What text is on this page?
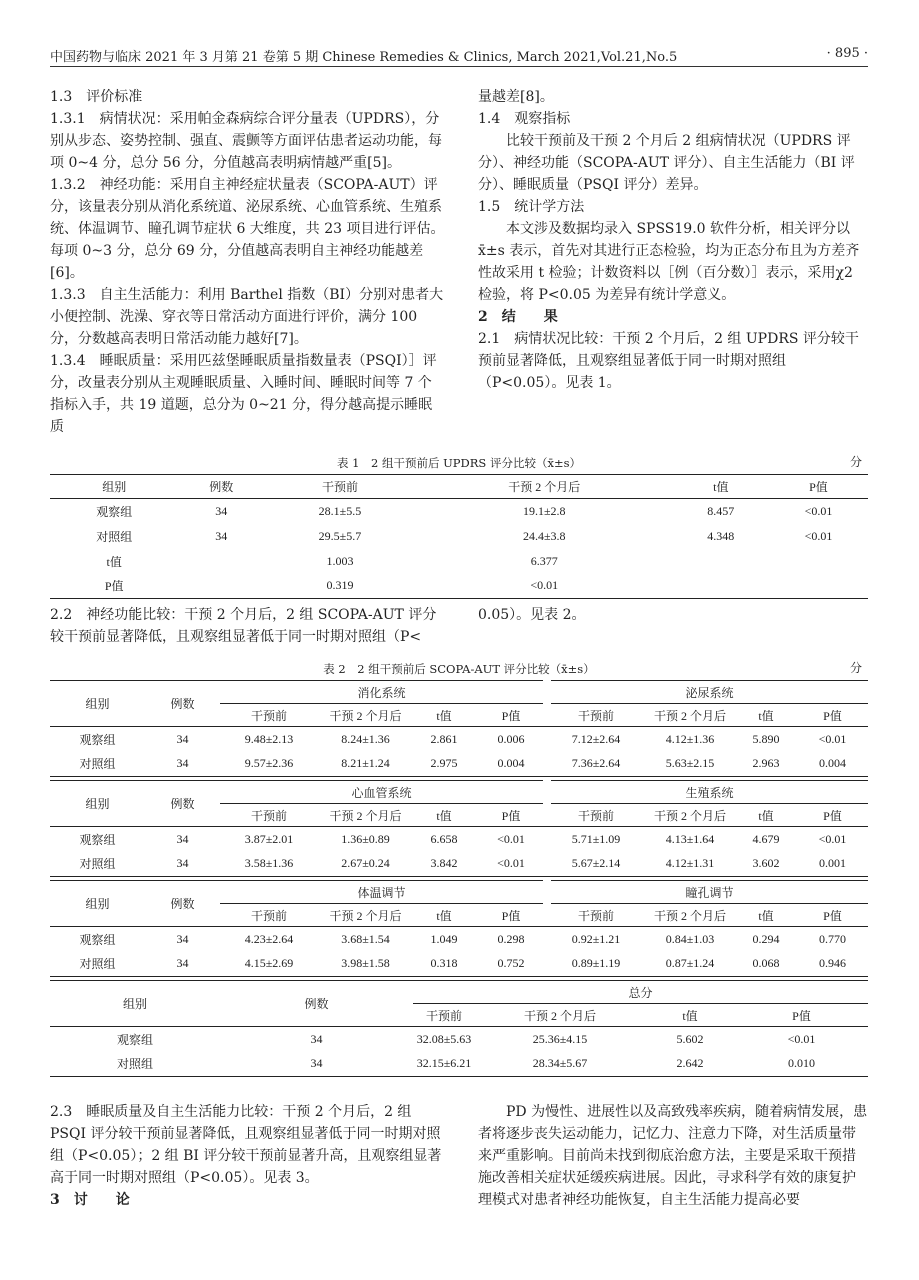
中国药物与临床 2021 年 3 月第 21 卷第 5 期 Chinese Remedies & Clinics, March 2021,Vol.21,No.5	· 895 ·

1.3　评价标准

1.3.1　病情状况：采用帕金森病综合评分量表（UPDRS），分别从步态、姿势控制、强直、震颤等方面评估患者运动功能，每项 0~4 分，总分 56 分，分值越高表明病情越严重[5]。

1.3.2　神经功能：采用自主神经症状量表（SCOPA-AUT）评分，该量表分别从消化系统道、泌尿系统、心血管系统、生殖系统、体温调节、瞳孔调节症状 6 大维度，共 23 项目进行评估。每项 0~3 分，总分 69 分，分值越高表明自主神经功能越差[6]。

1.3.3　自主生活能力：利用 Barthel 指数（BI）分别对患者大小便控制、洗澡、穿衣等日常活动方面进行评价，满分 100 分，分数越高表明日常活动能力越好[7]。

1.3.4　睡眠质量：采用匹兹堡睡眠质量指数量表（PSQI）］评分，改量表分别从主观睡眠质量、入睡时间、睡眠时间等 7 个指标入手，共 19 道题，总分为 0~21 分，得分越高提示睡眠质

量越差[8]。

1.4　观察指标

比较干预前及干预 2 个月后 2 组病情状况（UPDRS 评分）、神经功能（SCOPA-AUT 评分）、自主生活能力（BI 评分）、睡眠质量（PSQI 评分）差异。

1.5　统计学方法

本文涉及数据均录入 SPSS19.0 软件分析，相关评分以 x̄±s 表示，首先对其进行正态检验，均为正态分布且为方差齐性故采用 t 检验；计数资料以［例（百分数）］表示，采用χ2 检验，将 P<0.05 为差异有统计学意义。

2　结　　果

2.1　病情状况比较：干预 2 个月后，2 组 UPDRS 评分较干预前显著降低，且观察组显著低于同一时期对照组（P<0.05）。见表 1。

表 1　2 组干预前后 UPDRS 评分比较（x̄±s）	分
组别	例数	干预前	干预 2 个月后	t值	P值
观察组	34	28.1±5.5	19.1±2.8	8.457	<0.01
对照组	34	29.5±5.7	24.4±3.8	4.348	<0.01
t值		1.003	6.377		
P值		0.319	<0.01		

2.2　神经功能比较：干预 2 个月后，2 组 SCOPA-AUT 评分较干预前显著降低，且观察组显著低于同一时期对照组（P<

0.05）。见表 2。

表 2　2 组干预前后 SCOPA-AUT 评分比较（x̄±s）	分
组别	例数	消化系统				泌尿系统			
		干预前	干预 2 个月后	t值	P值	干预前	干预 2 个月后	t值	P值
观察组	34	9.48±2.13	8.24±1.36	2.861	0.006	7.12±2.64	4.12±1.36	5.890	<0.01
对照组	34	9.57±2.36	8.21±1.24	2.975	0.004	7.36±2.64	5.63±2.15	2.963	0.004

组别	例数	心血管系统				生殖系统			
		干预前	干预 2 个月后	t值	P值	干预前	干预 2 个月后	t值	P值
观察组	34	3.87±2.01	1.36±0.89	6.658	<0.01	5.71±1.09	4.13±1.64	4.679	<0.01
对照组	34	3.58±1.36	2.67±0.24	3.842	<0.01	5.67±2.14	4.12±1.31	3.602	0.001

组别	例数	体温调节				瞳孔调节			
		干预前	干预 2 个月后	t值	P值	干预前	干预 2 个月后	t值	P值
观察组	34	4.23±2.64	3.68±1.54	1.049	0.298	0.92±1.21	0.84±1.03	0.294	0.770
对照组	34	4.15±2.69	3.98±1.58	0.318	0.752	0.89±1.19	0.87±1.24	0.068	0.946

组别		例数		总分					
				干预前	干预 2 个月后		t值	P值	
观察组		34		32.08±5.63	25.36±4.15		5.602	<0.01	
对照组		34		32.15±6.21	28.34±5.67		2.642	0.010	

2.3　睡眠质量及自主生活能力比较：干预 2 个月后，2 组 PSQI 评分较干预前显著降低，且观察组显著低于同一时期对照组（P<0.05）；2 组 BI 评分较干预前显著升高，且观察组显著高于同一时期对照组（P<0.05）。见表 3。

3　讨　　论

PD 为慢性、进展性以及高致残率疾病，随着病情发展，患者将逐步丧失运动能力，记忆力、注意力下降，对生活质量带来严重影响。目前尚未找到彻底治愈方法，主要是采取干预措施改善相关症状延缓疾病进展。因此，寻求科学有效的康复护理模式对患者神经功能恢复，自主生活能力提高必要
